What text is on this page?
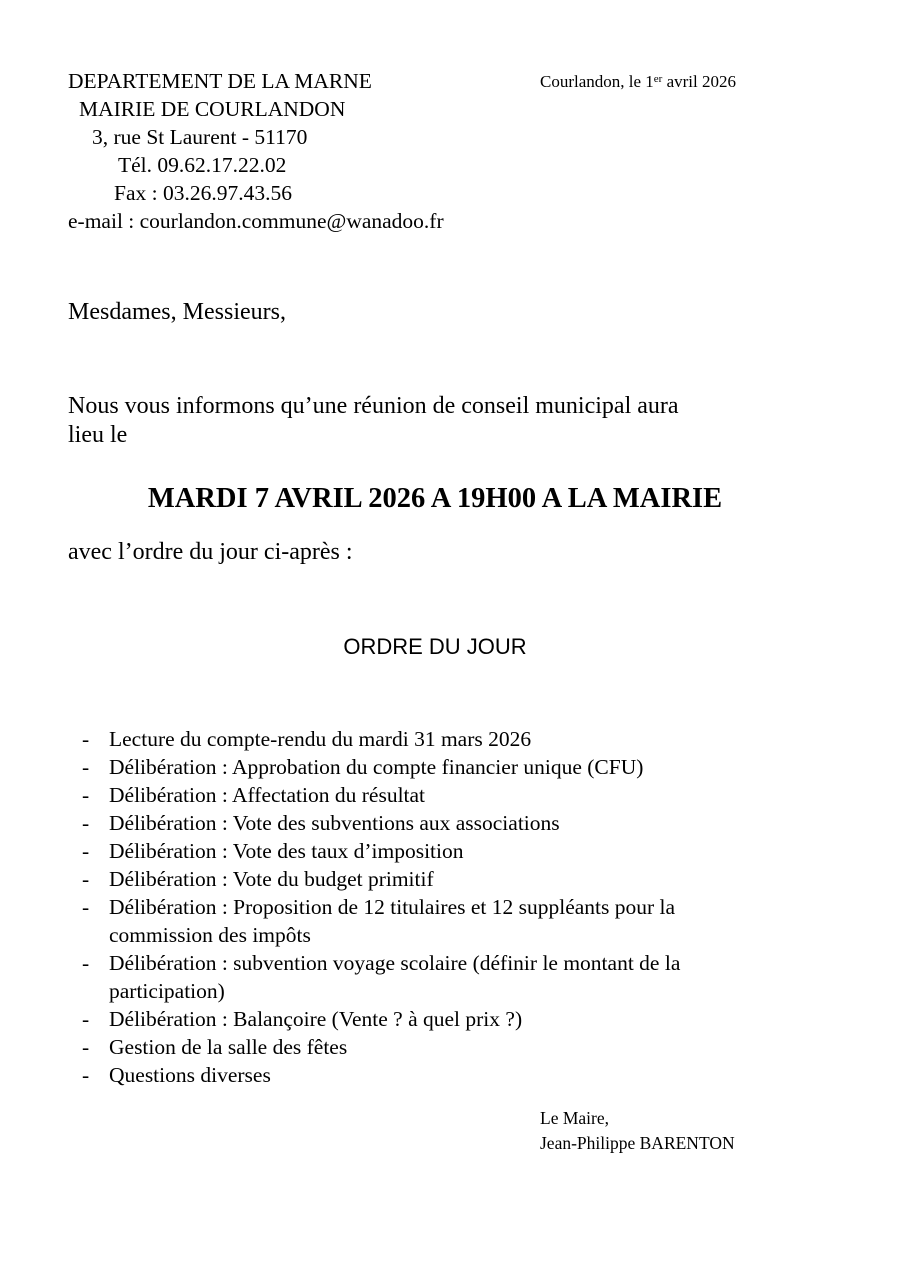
DEPARTEMENT DE LA MARNE
MAIRIE DE COURLANDON
3, rue St Laurent - 51170
Tél. 09.62.17.22.02
Fax : 03.26.97.43.56
e-mail : courlandon.commune@wanadoo.fr
Courlandon, le 1er avril 2026
Mesdames, Messieurs,
Nous vous informons qu’une réunion de conseil municipal aura
lieu le
MARDI 7 AVRIL 2026 A 19H00 A LA MAIRIE
avec l’ordre du jour ci-après :
ORDRE DU JOUR
- Lecture du compte-rendu du mardi 31 mars 2026
- Délibération : Approbation du compte financier unique (CFU)
- Délibération : Affectation du résultat
- Délibération : Vote des subventions aux associations
- Délibération : Vote des taux d’imposition
- Délibération : Vote du budget primitif
- Délibération : Proposition de 12 titulaires et 12 suppléants pour la commission des impôts
- Délibération : subvention voyage scolaire (définir le montant de la participation)
- Délibération : Balançoire (Vente ? à quel prix ?)
- Gestion de la salle des fêtes
- Questions diverses
Le Maire,
Jean-Philippe BARENTON
